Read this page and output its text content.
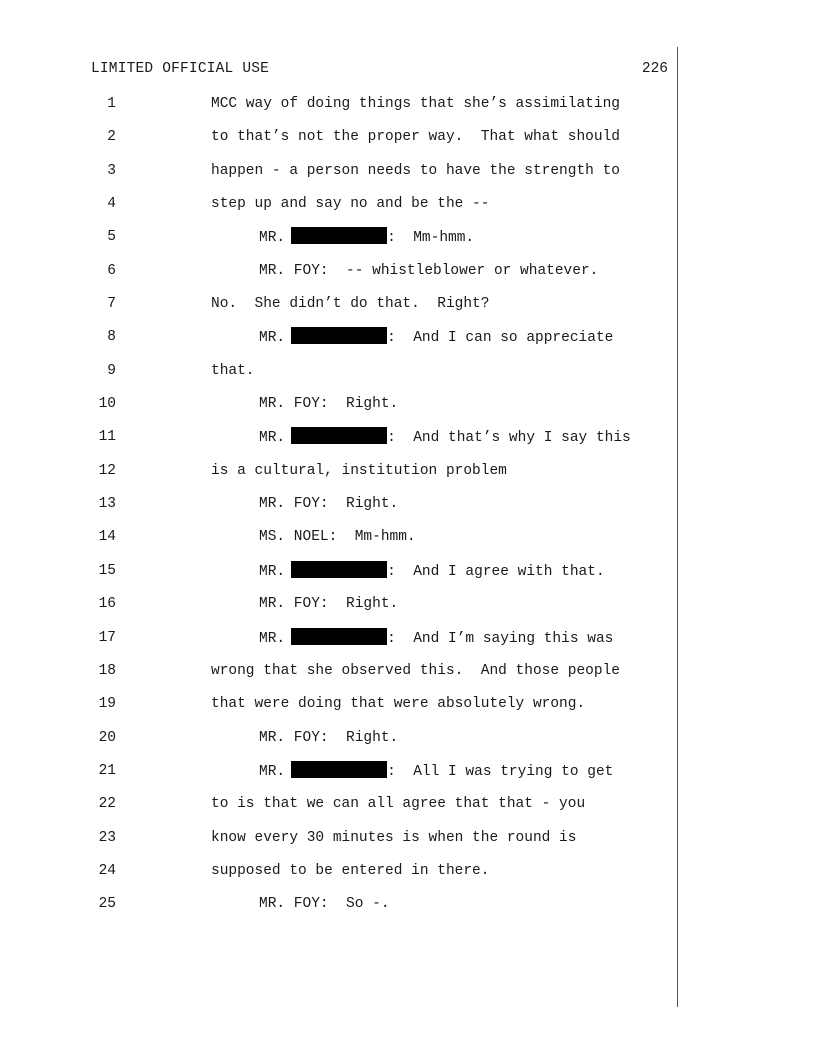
LIMITED OFFICIAL USE	226
1	MCC way of doing things that she’s assimilating
2	to that’s not the proper way.  That what should
3	happen - a person needs to have the strength to
4	step up and say no and be the --
5	MR.	:  Mm-hmm.
6	MR. FOY:  -- whistleblower or whatever.
7	No.  She didn’t do that.  Right?
8	MR.	:  And I can so appreciate
9	that.
10	MR. FOY:  Right.
11	MR.	:  And that’s why I say this
12	is a cultural, institution problem
13	MR. FOY:  Right.
14	MS. NOEL:  Mm-hmm.
15	MR.	:  And I agree with that.
16	MR. FOY:  Right.
17	MR.	:  And I’m saying this was
18	wrong that she observed this.  And those people
19	that were doing that were absolutely wrong.
20	MR. FOY:  Right.
21	MR.	:  All I was trying to get
22	to is that we can all agree that that - you
23	know every 30 minutes is when the round is
24	supposed to be entered in there.
25	MR. FOY:  So -.
